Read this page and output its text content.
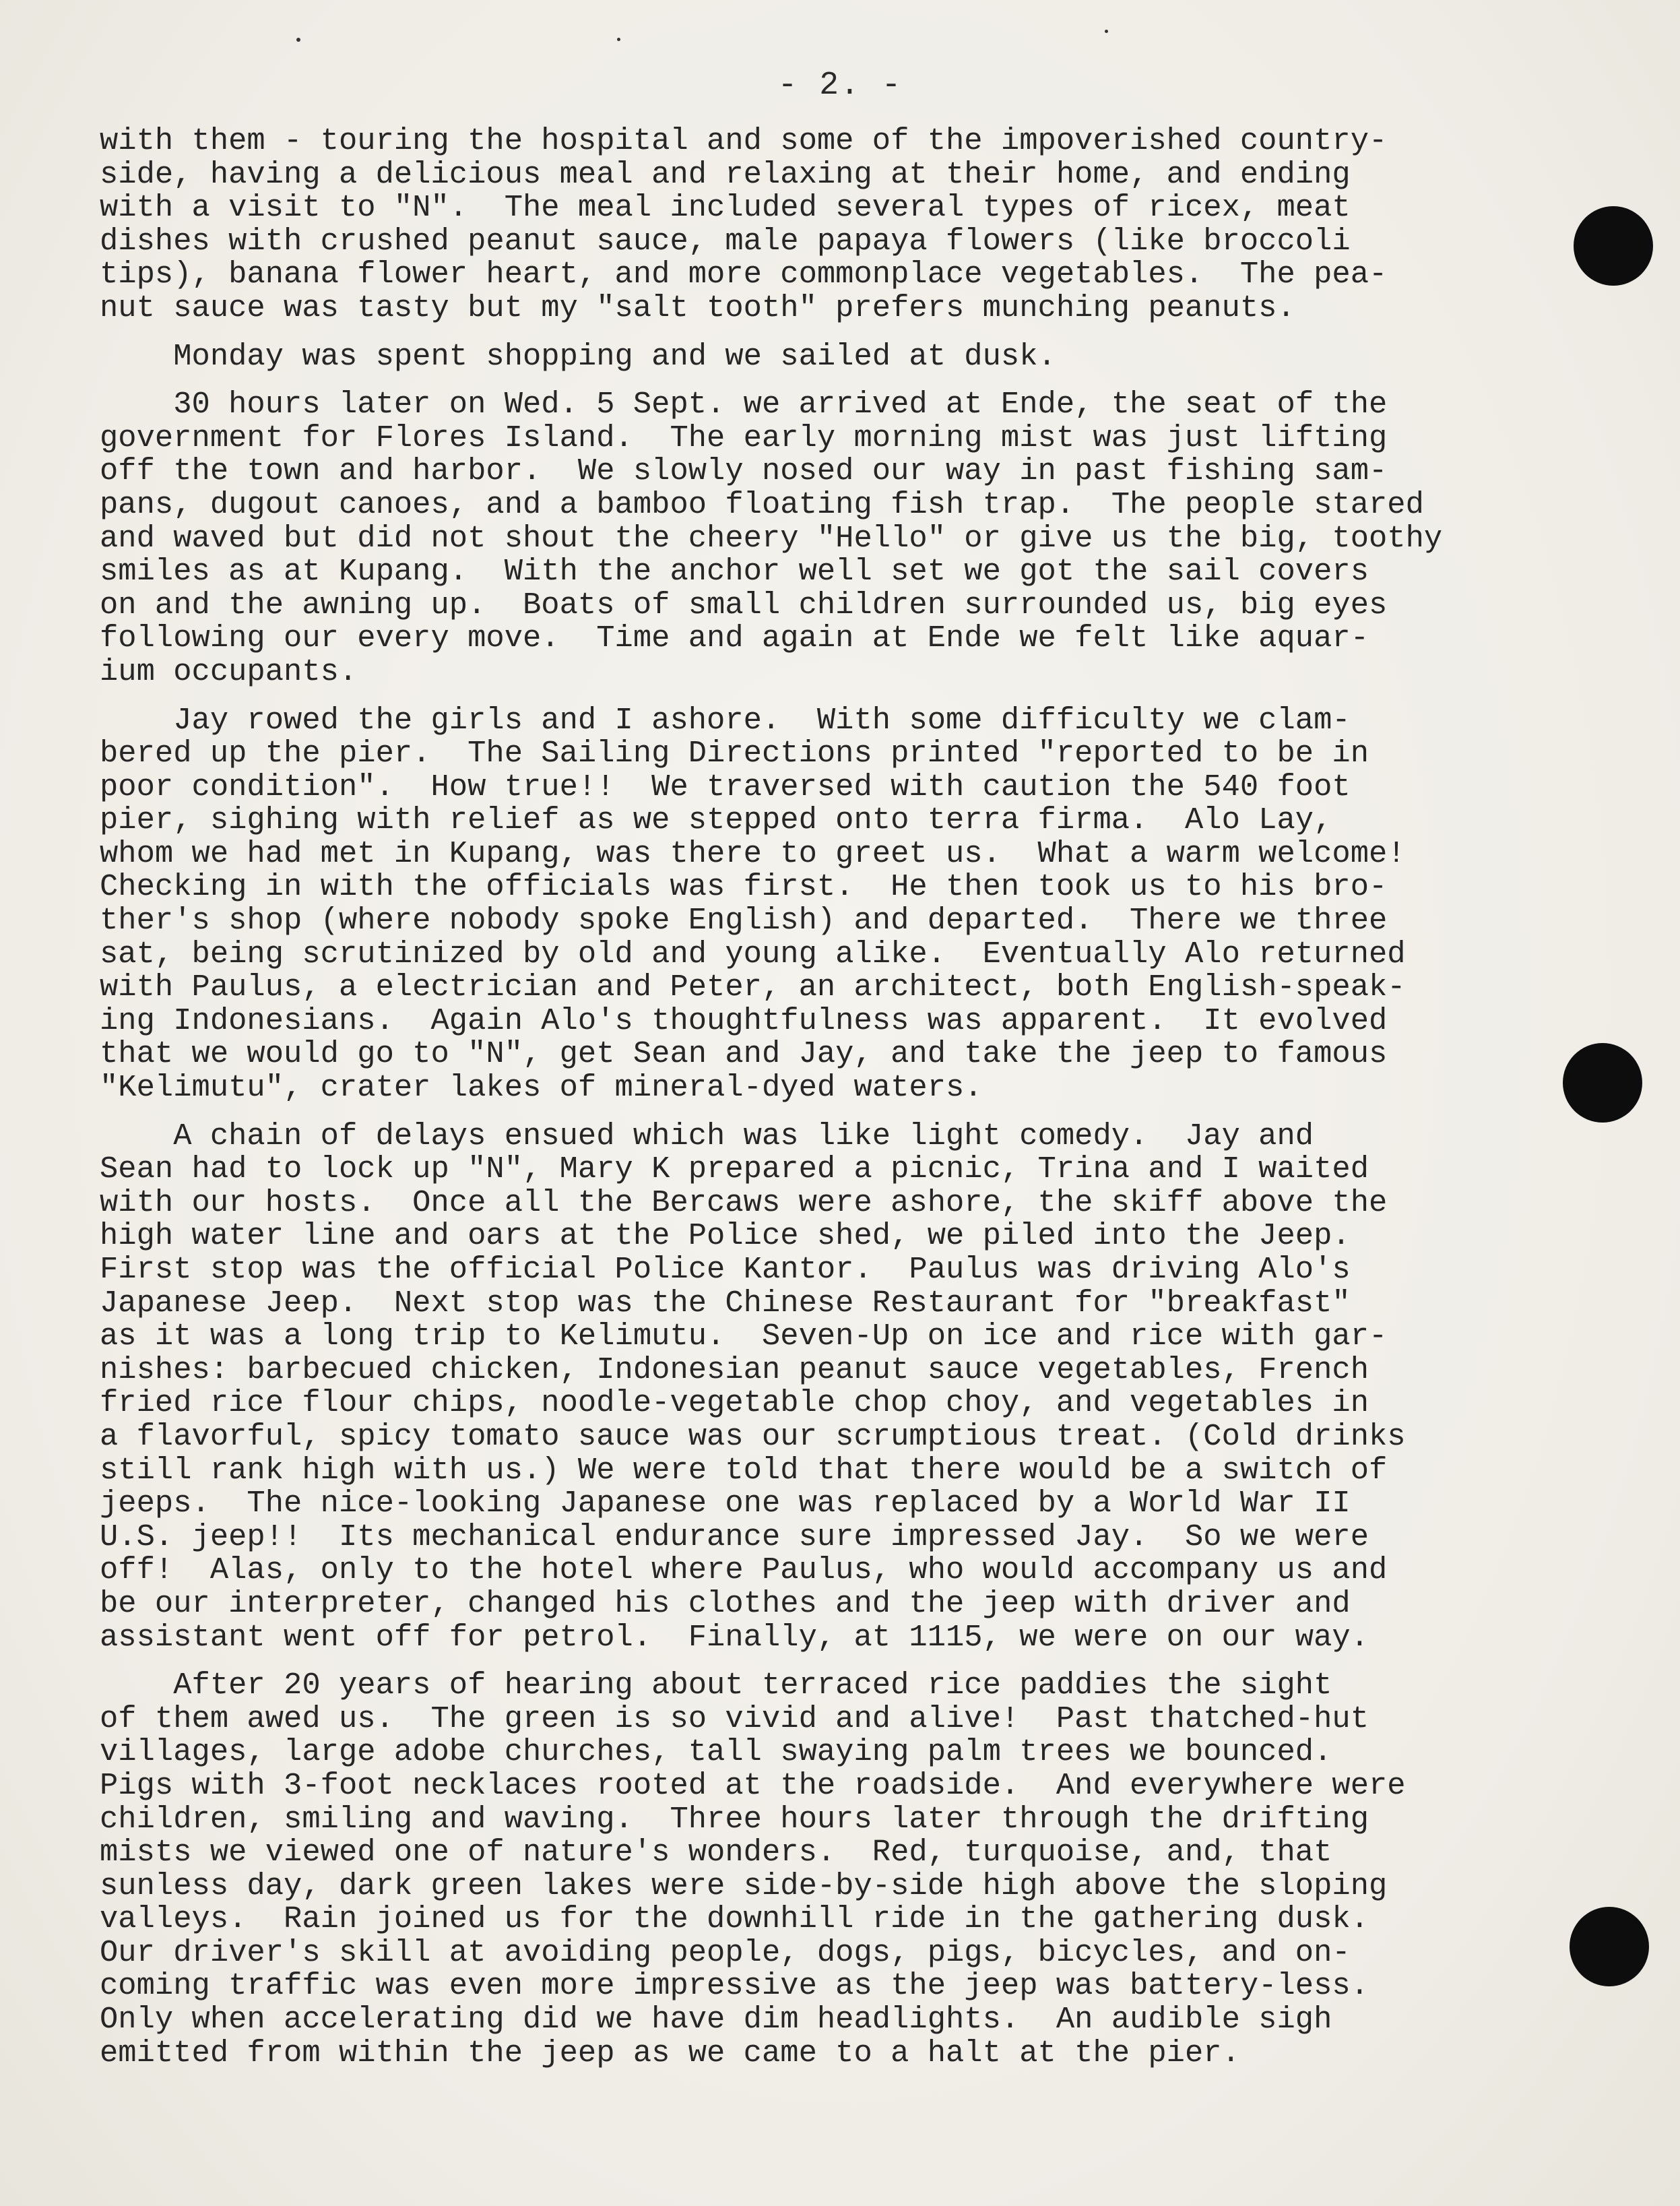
- 2. -
with them - touring the hospital and some of the impoverished country-
side, having a delicious meal and relaxing at their home, and ending
with a visit to "N".  The meal included several types of ricex, meat
dishes with crushed peanut sauce, male papaya flowers (like broccoli
tips), banana flower heart, and more commonplace vegetables.  The pea-
nut sauce was tasty but my "salt tooth" prefers munching peanuts.
Monday was spent shopping and we sailed at dusk.
30 hours later on Wed. 5 Sept. we arrived at Ende, the seat of the
government for Flores Island.  The early morning mist was just lifting
off the town and harbor.  We slowly nosed our way in past fishing sam-
pans, dugout canoes, and a bamboo floating fish trap.  The people stared
and waved but did not shout the cheery "Hello" or give us the big, toothy
smiles as at Kupang.  With the anchor well set we got the sail covers
on and the awning up.  Boats of small children surrounded us, big eyes
following our every move.  Time and again at Ende we felt like aquar-
ium occupants.
Jay rowed the girls and I ashore.  With some difficulty we clam-
bered up the pier.  The Sailing Directions printed "reported to be in
poor condition".  How true!!  We traversed with caution the 540 foot
pier, sighing with relief as we stepped onto terra firma.  Alo Lay,
whom we had met in Kupang, was there to greet us.  What a warm welcome!
Checking in with the officials was first.  He then took us to his bro-
ther's shop (where nobody spoke English) and departed.  There we three
sat, being scrutinized by old and young alike.  Eventually Alo returned
with Paulus, a electrician and Peter, an architect, both English-speak-
ing Indonesians.  Again Alo's thoughtfulness was apparent.  It evolved
that we would go to "N", get Sean and Jay, and take the jeep to famous
"Kelimutu", crater lakes of mineral-dyed waters.
A chain of delays ensued which was like light comedy.  Jay and
Sean had to lock up "N", Mary K prepared a picnic, Trina and I waited
with our hosts.  Once all the Bercaws were ashore, the skiff above the
high water line and oars at the Police shed, we piled into the Jeep.
First stop was the official Police Kantor.  Paulus was driving Alo's
Japanese Jeep.  Next stop was the Chinese Restaurant for "breakfast"
as it was a long trip to Kelimutu.  Seven-Up on ice and rice with gar-
nishes: barbecued chicken, Indonesian peanut sauce vegetables, French
fried rice flour chips, noodle-vegetable chop choy, and vegetables in
a flavorful, spicy tomato sauce was our scrumptious treat. (Cold drinks
still rank high with us.) We were told that there would be a switch of
jeeps.  The nice-looking Japanese one was replaced by a World War II
U.S. jeep!!  Its mechanical endurance sure impressed Jay.  So we were
off!  Alas, only to the hotel where Paulus, who would accompany us and
be our interpreter, changed his clothes and the jeep with driver and
assistant went off for petrol.  Finally, at 1115, we were on our way.
After 20 years of hearing about terraced rice paddies the sight
of them awed us.  The green is so vivid and alive!  Past thatched-hut
villages, large adobe churches, tall swaying palm trees we bounced.
Pigs with 3-foot necklaces rooted at the roadside.  And everywhere were
children, smiling and waving.  Three hours later through the drifting
mists we viewed one of nature's wonders.  Red, turquoise, and, that
sunless day, dark green lakes were side-by-side high above the sloping
valleys.  Rain joined us for the downhill ride in the gathering dusk.
Our driver's skill at avoiding people, dogs, pigs, bicycles, and on-
coming traffic was even more impressive as the jeep was battery-less.
Only when accelerating did we have dim headlights.  An audible sigh
emitted from within the jeep as we came to a halt at the pier.
